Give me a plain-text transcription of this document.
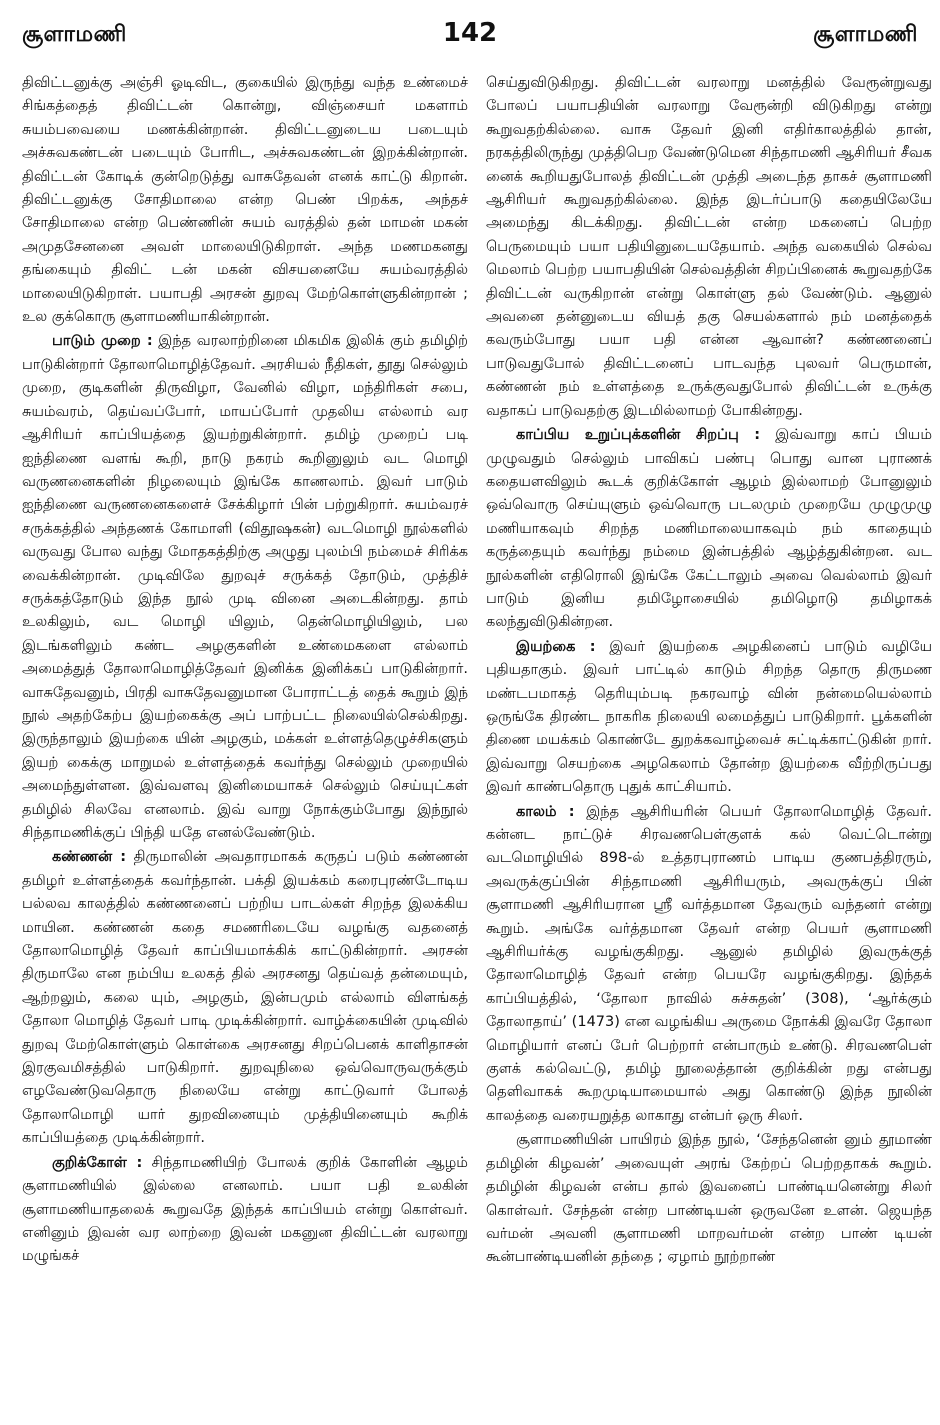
சூளாமணி	142	சூளாமணி

திவிட்டனுக்கு அஞ்சி ஓடிவிட, குகையில் இருந்து வந்த உண்மைச் சிங்கத்தைத் திவிட்டன் கொன்று, விஞ்சையர் மகளாம் சுயம்பவையை மணக்கின்றான். திவிட்டனுடைய படையும் அச்சுவகண்டன் படையும் போரிட, அச்சுவகண்டன் இறக்கின்றான். திவிட்டன் கோடிக் குன்றெடுத்து வாசுதேவன் எனக் காட்டு கிறான். திவிட்டனுக்கு சோதிமாலை என்ற பெண் பிறக்க, அந்தச் சோதிமாலை என்ற பெண்ணின் சுயம் வரத்தில் தன் மாமன் மகன் அமுதசேனனை அவள் மாலையிடுகிறாள். அந்த மணமகனது தங்கையும் திவிட் டன் மகன் விசயனையே சுயம்வரத்தில் மாலையிடுகிறாள். பயாபதி அரசன் துறவு மேற்கொள்ளுகின்றான் ; உல குக்கொரு சூளாமணியாகின்றான்.

பாடும் முறை : இந்த வரலாற்றினை மிகமிக இலிக் கும் தமிழிற் பாடுகின்றார் தோலாமொழித்தேவர். அரசியல் நீதிகள், தூது செல்லும் முறை, குடிகளின் திருவிழா, வேனில் விழா, மந்திரிகள் சபை, சுயம்வரம், தெய்வப்போர், மாயப்போர் முதலிய எல்லாம் வர ஆசிரியர் காப்பியத்தை இயற்றுகின்றார். தமிழ் முறைப் படி ஐந்திணை வளங் கூறி, நாடு நகரம் கூறினுலும் வட மொழி வருணனைகளின் நிழலையும் இங்கே காணலாம். இவர் பாடும் ஐந்திணை வருணனைகளைச் சேக்கிழார் பின் பற்றுகிறார். சுயம்வரச் சருக்கத்தில் அந்தணக் கோமாளி (விதூஷகன்) வடமொழி நூல்களில் வருவது போல வந்து மோதகத்திற்கு அழுது புலம்பி நம்மைச் சிரிக்க வைக்கின்றான். முடிவிலே துறவுச் சருக்கத் தோடும், முத்திச் சருக்கத்தோடும் இந்த நூல் முடி வினை அடைகின்றது. தாம் உலகிலும், வட மொழி யிலும், தென்மொழியிலும், பல இடங்களிலும் கண்ட அழகுகளின் உண்மைகளை எல்லாம் அமைத்துத் தோலாமொழித்தேவர் இனிக்க இனிக்கப் பாடுகின்றார். வாசுதேவனும், பிரதி வாசுதேவனுமான போராட்டத் தைக் கூறும் இந் நூல் அதற்கேற்ப இயற்கைக்கு அப் பாற்பட்ட நிலையில்செல்கிறது. இருந்தாலும் இயற்கை யின் அழகும், மக்கள் உள்ளத்தெழுச்சிகளும் இயற் கைக்கு மாறுமல் உள்ளத்தைக் கவர்ந்து செல்லும் முறையில் அமைந்துள்ளன. இவ்வளவு இனிமையாகச் செல்லும் செய்யுட்கள் தமிழில் சிலவே எனலாம். இவ் வாறு நோக்கும்போது இந்நூல் சிந்தாமணிக்குப் பிந்தி யதே எனல்வேண்டும்.

கண்ணன் : திருமாலின் அவதாரமாகக் கருதப் படும் கண்ணன் தமிழர் உள்ளத்தைக் கவர்ந்தான். பக்தி இயக்கம் கரைபுரண்டோடிய பல்லவ காலத்தில் கண்ணனைப் பற்றிய பாடல்கள் சிறந்த இலக்கிய மாயின. கண்ணன் கதை சமணரிடையே வழங்கு வதனைத் தோலாமொழித் தேவர் காப்பியமாக்கிக் காட்டுகின்றார். அரசன் திருமாலே என நம்பிய உலகத் தில் அரசனது தெய்வத் தன்மையும், ஆற்றலும், கலை யும், அழகும், இன்பமும் எல்லாம் விளங்கத் தோலா மொழித் தேவர் பாடி முடிக்கின்றார். வாழ்க்கையின் முடிவில் துறவு மேற்கொள்ளும் கொள்கை அரசனது சிறப்பெனக் காளிதாசன் இரகுவமிசத்தில் பாடுகிறார். துறவுநிலை ஒவ்வொருவருக்கும் எழவேண்டுவதொரு நிலையே என்று காட்டுவார் போலத் தோலாமொழி யார் துறவினையும் முத்தியினையும் கூறிக் காப்பியத்தை முடிக்கின்றார்.

குறிக்கோள் : சிந்தாமணியிற் போலக் குறிக் கோளின் ஆழம் சூளாமணியில் இல்லை எனலாம். பயா பதி உலகின் சூளாமணியாதலைக் கூறுவதே இந்தக் காப்பியம் என்று கொள்வர். எனினும் இவன் வர லாற்றை இவன் மகனுன திவிட்டன் வரலாறு மழுங்கச்

செய்துவிடுகிறது. திவிட்டன் வரலாறு மனத்தில் வேரூன்றுவது போலப் பயாபதியின் வரலாறு வேரூன்றி விடுகிறது என்று கூறுவதற்கில்லை. வாசு தேவர் இனி எதிர்காலத்தில் தான், நரகத்திலிருந்து முத்திபெற வேண்டுமென சிந்தாமணி ஆசிரியர் சீவக னைக் கூறியதுபோலத் திவிட்டன் முத்தி அடைந்த தாகச் சூளாமணி ஆசிரியர் கூறுவதற்கில்லை. இந்த இடர்ப்பாடு கதையிலேயே அமைந்து கிடக்கிறது. திவிட்டன் என்ற மகனைப் பெற்ற பெருமையும் பயா பதியினுடையதேயாம். அந்த வகையில் செல்வ மெலாம் பெற்ற பயாபதியின் செல்வத்தின் சிறப்பினைக் கூறுவதற்கே திவிட்டன் வருகிறான் என்று கொள்ளு தல் வேண்டும். ஆனுல் அவனை தன்னுடைய வியத் தகு செயல்களால் நம் மனத்தைக் கவரும்போது பயா பதி என்ன ஆவான்? கண்ணனைப் பாடுவதுபோல் திவிட்டனைப் பாடவந்த புலவர் பெருமான், கண்ணன் நம் உள்ளத்தை உருக்குவதுபோல் திவிட்டன் உருக்கு வதாகப் பாடுவதற்கு இடமில்லாமற் போகின்றது.

காப்பிய உறுப்புக்களின் சிறப்பு : இவ்வாறு காப் பியம் முழுவதும் செல்லும் பாவிகப் பண்பு பொது வான புராணக் கதையளவிலும் கூடக் குறிக்கோள் ஆழம் இல்லாமற் போனுலும் ஒவ்வொரு செய்யுளும் ஒவ்வொரு படலமும் முறையே முழுமுழு மணியாகவும் சிறந்த மணிமாலையாகவும் நம் காதையும் கருத்தையும் கவர்ந்து நம்மை இன்பத்தில் ஆழ்த்துகின்றன. வட நூல்களின் எதிரொலி இங்கே கேட்டாலும் அவை வெல்லாம் இவர் பாடும் இனிய தமிழோசையில் தமிழொடு தமிழாகக் கலந்துவிடுகின்றன.

இயற்கை : இவர் இயற்கை அழகினைப் பாடும் வழியே புதியதாகும். இவர் பாட்டில் காடும் சிறந்த தொரு திருமண மண்டபமாகத் தெரியும்படி நகரவாழ் வின் நன்மையெல்லாம் ஒருங்கே திரண்ட நாகரிக நிலையி லமைத்துப் பாடுகிறார். பூக்களின் திணை மயக்கம் கொண்டே துறக்கவாழ்வைச் சுட்டிக்காட்டுகின் றார். இவ்வாறு செயற்கை அழகெலாம் தோன்ற இயற்கை வீற்றிருப்பது இவர் காண்பதொரு புதுக் காட்சியாம்.

காலம் : இந்த ஆசிரியரின் பெயர் தோலாமொழித் தேவர். கன்னட நாட்டுச் சிரவணபெள்குளக் கல் வெட்டொன்று வடமொழியில் 898-ல் உத்தரபுராணம் பாடிய குணபத்திரரும், அவருக்குப்பின் சிந்தாமணி ஆசிரியரும், அவருக்குப் பின் சூளாமணி ஆசிரியரான ஸ்ரீ வர்த்தமான தேவரும் வந்தனர் என்று கூறும். அங்கே வர்த்தமான தேவர் என்ற பெயர் சூளாமணி ஆசிரியர்க்கு வழங்குகிறது. ஆனுல் தமிழில் இவருக்குத் தோலாமொழித் தேவர் என்ற பெயரே வழங்குகிறது. இந்தக் காப்பியத்தில், ‘தோலா நாவில் சுச்சுதன்’ (308), ‘ஆர்க்கும் தோலாதாய்’ (1473) என வழங்கிய அருமை நோக்கி இவரே தோலா மொழியார் எனப் பேர் பெற்றார் என்பாரும் உண்டு. சிரவணபெள் குளக் கல்வெட்டு, தமிழ் நூலைத்தான் குறிக்கின் றது என்பது தெளிவாகக் கூறமுடியாமையால் அது கொண்டு இந்த நூலின் காலத்தை வரையறுத்த லாகாது என்பர் ஒரு சிலர்.

சூளாமணியின் பாயிரம் இந்த நூல், ‘சேந்தனென் னும் தூமாண் தமிழின் கிழவன்’ அவையுள் அரங் கேற்றப் பெற்றதாகக் கூறும். தமிழின் கிழவன் என்ப தால் இவனைப் பாண்டியனென்று சிலர் கொள்வர். சேந்தன் என்ற பாண்டியன் ஒருவனே உளன். ஜெயந்த வர்மன் அவனி சூளாமணி மாறவர்மன் என்ற பாண் டியன் கூன்பாண்டியனின் தந்தை ; ஏழாம் நூற்றாண்
